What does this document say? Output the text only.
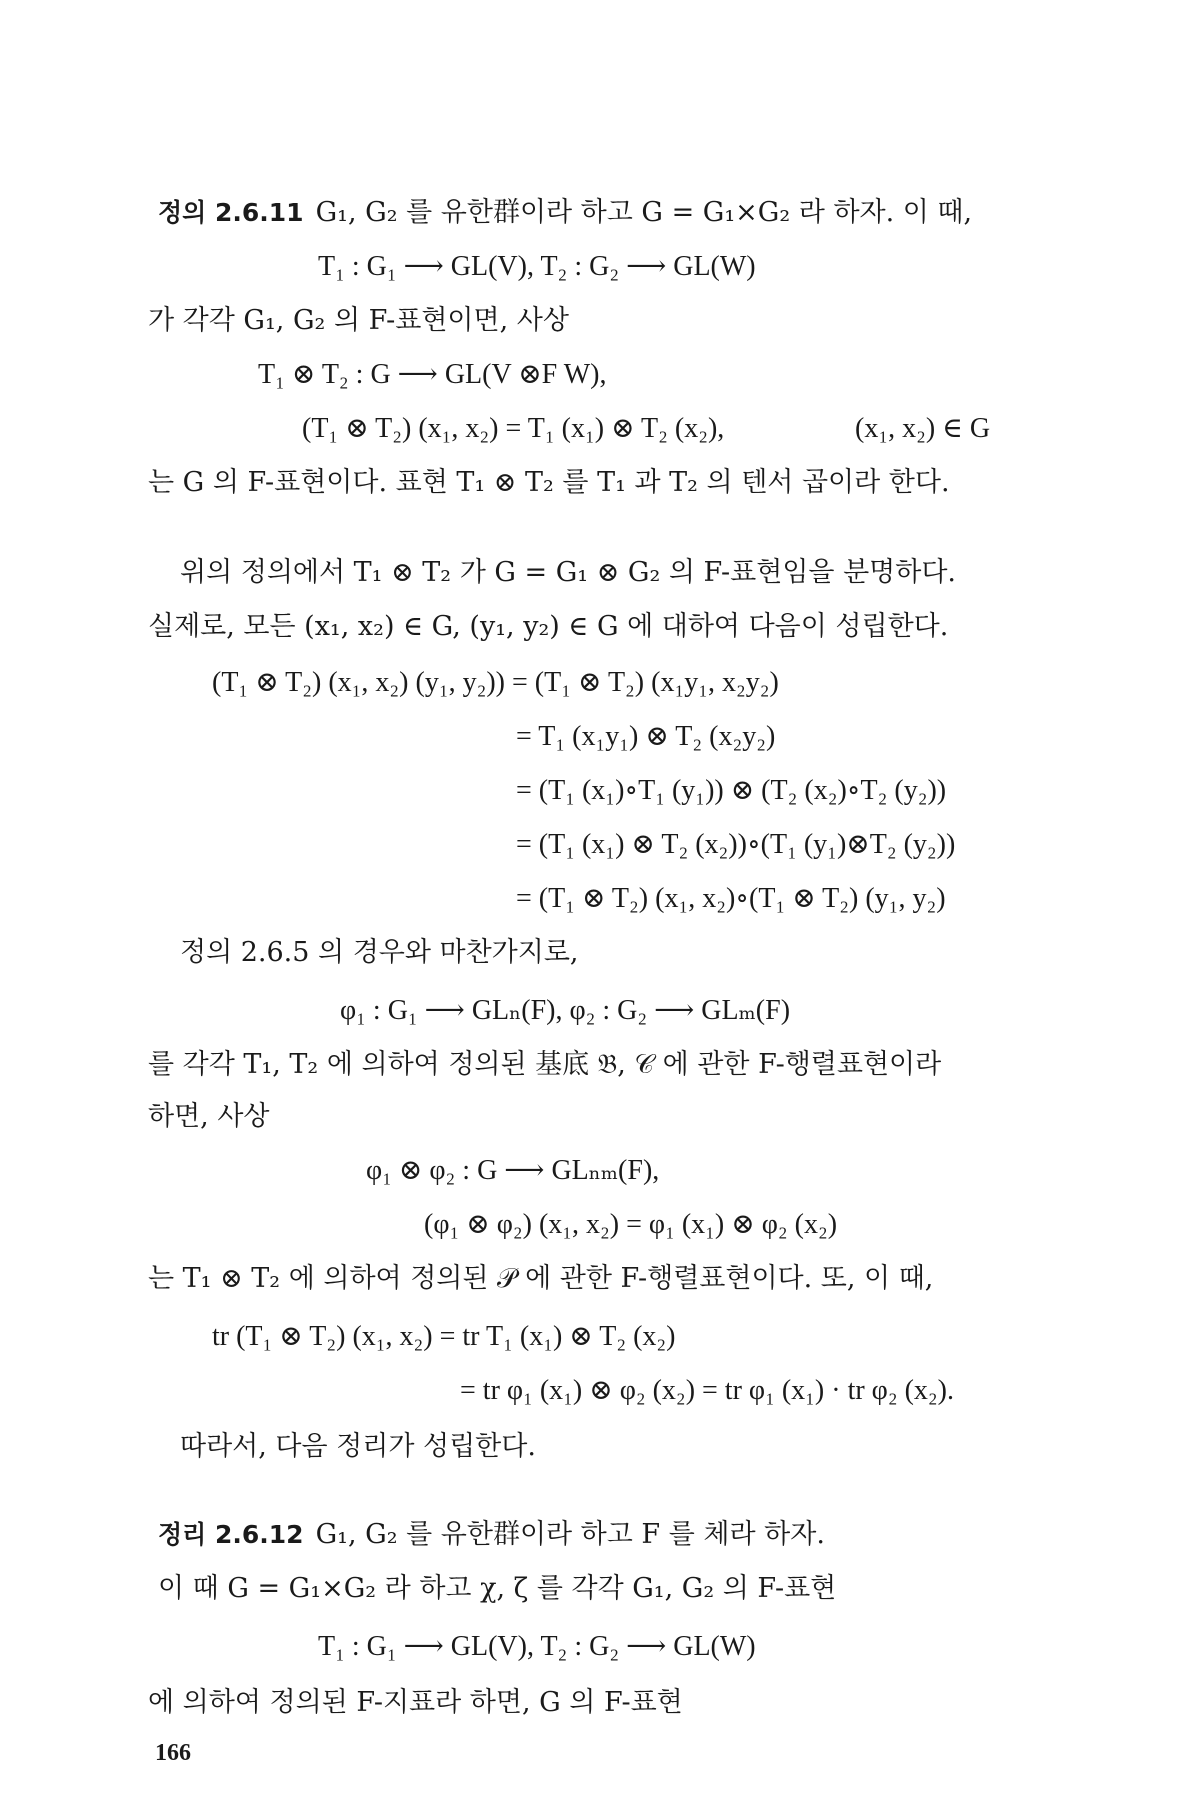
정의 2.6.11 G₁, G₂ 를 유한群이라 하고 G = G₁×G₂ 라 하자. 이 때,
T₁ : G₁ ⟶ GL(V), T₂ : G₂ ⟶ GL(W)
가 각각 G₁, G₂ 의 F-표현이면, 사상
T₁ ⊗ T₂ : G ⟶ GL(V ⊗F W),
(T₁ ⊗ T₂) (x₁, x₂) = T₁ (x₁) ⊗ T₂ (x₂),	(x₁, x₂) ∈ G
는 G 의 F-표현이다. 표현 T₁ ⊗ T₂ 를 T₁ 과 T₂ 의 텐서 곱이라 한다.
위의 정의에서 T₁ ⊗ T₂ 가 G = G₁ ⊗ G₂ 의 F-표현임을 분명하다.
실제로, 모든 (x₁, x₂) ∈ G, (y₁, y₂) ∈ G 에 대하여 다음이 성립한다.
(T₁ ⊗ T₂) (x₁, x₂) (y₁, y₂)) = (T₁ ⊗ T₂) (x₁y₁, x₂y₂)
= T₁ (x₁y₁) ⊗ T₂ (x₂y₂)
= (T₁ (x₁)∘T₁ (y₁)) ⊗ (T₂ (x₂)∘T₂ (y₂))
= (T₁ (x₁) ⊗ T₂ (x₂))∘(T₁ (y₁)⊗T₂ (y₂))
= (T₁ ⊗ T₂) (x₁, x₂)∘(T₁ ⊗ T₂) (y₁, y₂)
정의 2.6.5 의 경우와 마찬가지로,
φ₁ : G₁ ⟶ GLₙ(F), φ₂ : G₂ ⟶ GLₘ(F)
를 각각 T₁, T₂ 에 의하여 정의된 基底 𝔅, 𝒞 에 관한 F-행렬표현이라
하면, 사상
φ₁ ⊗ φ₂ : G ⟶ GLₙₘ(F),
(φ₁ ⊗ φ₂) (x₁, x₂) = φ₁ (x₁) ⊗ φ₂ (x₂)
는 T₁ ⊗ T₂ 에 의하여 정의된 𝒫 에 관한 F-행렬표현이다. 또, 이 때,
tr (T₁ ⊗ T₂) (x₁, x₂) = tr T₁ (x₁) ⊗ T₂ (x₂)
= tr φ₁ (x₁) ⊗ φ₂ (x₂) = tr φ₁ (x₁) · tr φ₂ (x₂).
따라서, 다음 정리가 성립한다.
정리 2.6.12 G₁, G₂ 를 유한群이라 하고 F 를 체라 하자.
이 때 G = G₁×G₂ 라 하고 χ, ζ 를 각각 G₁, G₂ 의 F-표현
T₁ : G₁ ⟶ GL(V), T₂ : G₂ ⟶ GL(W)
에 의하여 정의된 F-지표라 하면, G 의 F-표현
166
